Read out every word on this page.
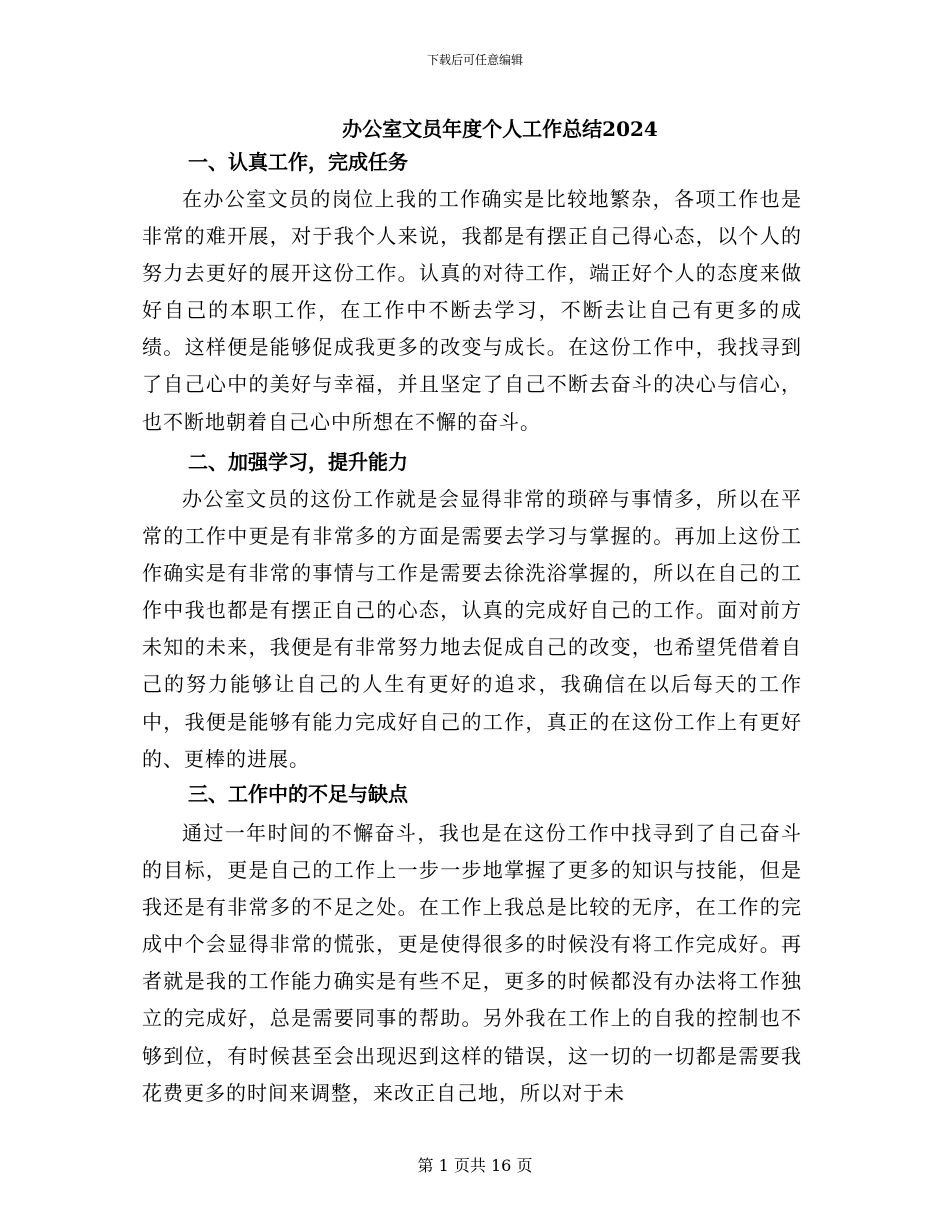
下载后可任意编辑
办公室文员年度个人工作总结2024
一、认真工作，完成任务

在办公室文员的岗位上我的工作确实是比较地繁杂，各项工作也是非常的难开展，对于我个人来说，我都是有摆正自己得心态，以个人的努力去更好的展开这份工作。认真的对待工作，端正好个人的态度来做好自己的本职工作，在工作中不断去学习，不断去让自己有更多的成绩。这样便是能够促成我更多的改变与成长。在这份工作中，我找寻到了自己心中的美好与幸福，并且坚定了自己不断去奋斗的决心与信心，也不断地朝着自己心中所想在不懈的奋斗。

二、加强学习，提升能力

办公室文员的这份工作就是会显得非常的琐碎与事情多，所以在平常的工作中更是有非常多的方面是需要去学习与掌握的。再加上这份工作确实是有非常的事情与工作是需要去徐洗浴掌握的，所以在自己的工作中我也都是有摆正自己的心态，认真的完成好自己的工作。面对前方未知的未来，我便是有非常努力地去促成自己的改变，也希望凭借着自己的努力能够让自己的人生有更好的追求，我确信在以后每天的工作中，我便是能够有能力完成好自己的工作，真正的在这份工作上有更好的、更棒的进展。

三、工作中的不足与缺点

通过一年时间的不懈奋斗，我也是在这份工作中找寻到了自己奋斗的目标，更是自己的工作上一步一步地掌握了更多的知识与技能，但是我还是有非常多的不足之处。在工作上我总是比较的无序，在工作的完成中个会显得非常的慌张，更是使得很多的时候没有将工作完成好。再者就是我的工作能力确实是有些不足，更多的时候都没有办法将工作独立的完成好，总是需要同事的帮助。另外我在工作上的自我的控制也不够到位，有时候甚至会出现迟到这样的错误，这一切的一切都是需要我花费更多的时间来调整，来改正自己地，所以对于未

第 1 页共 16 页
